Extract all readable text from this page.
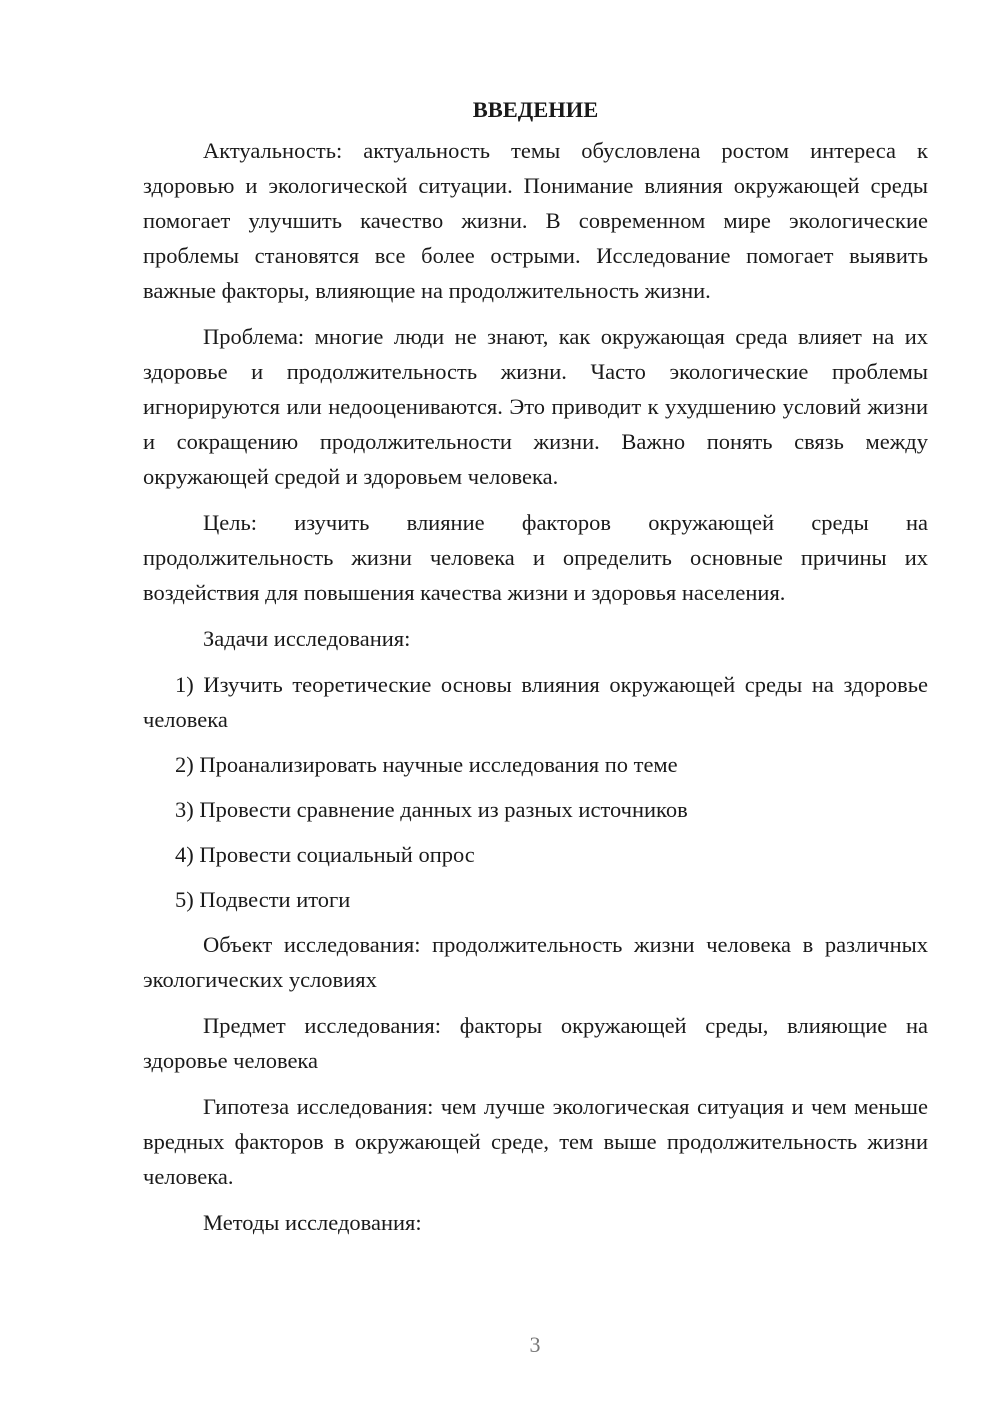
ВВЕДЕНИЕ

Актуальность: актуальность темы обусловлена ростом интереса к здоровью и экологической ситуации. Понимание влияния окружающей среды помогает улучшить качество жизни. В современном мире экологические проблемы становятся все более острыми. Исследование помогает выявить важные факторы, влияющие на продолжительность жизни.

Проблема: многие люди не знают, как окружающая среда влияет на их здоровье и продолжительность жизни. Часто экологические проблемы игнорируются или недооцениваются. Это приводит к ухудшению условий жизни и сокращению продолжительности жизни. Важно понять связь между окружающей средой и здоровьем человека.

Цель: изучить влияние факторов окружающей среды на продолжительность жизни человека и определить основные причины их воздействия для повышения качества жизни и здоровья населения.

Задачи исследования:

1) Изучить теоретические основы влияния окружающей среды на здоровье человека

2) Проанализировать научные исследования по теме

3) Провести сравнение данных из разных источников

4) Провести социальный опрос

5) Подвести итоги

Объект исследования: продолжительность жизни человека в различных экологических условиях

Предмет исследования: факторы окружающей среды, влияющие на здоровье человека

Гипотеза исследования: чем лучше экологическая ситуация и чем меньше вредных факторов в окружающей среде, тем выше продолжительность жизни человека.

Методы исследования:

3
